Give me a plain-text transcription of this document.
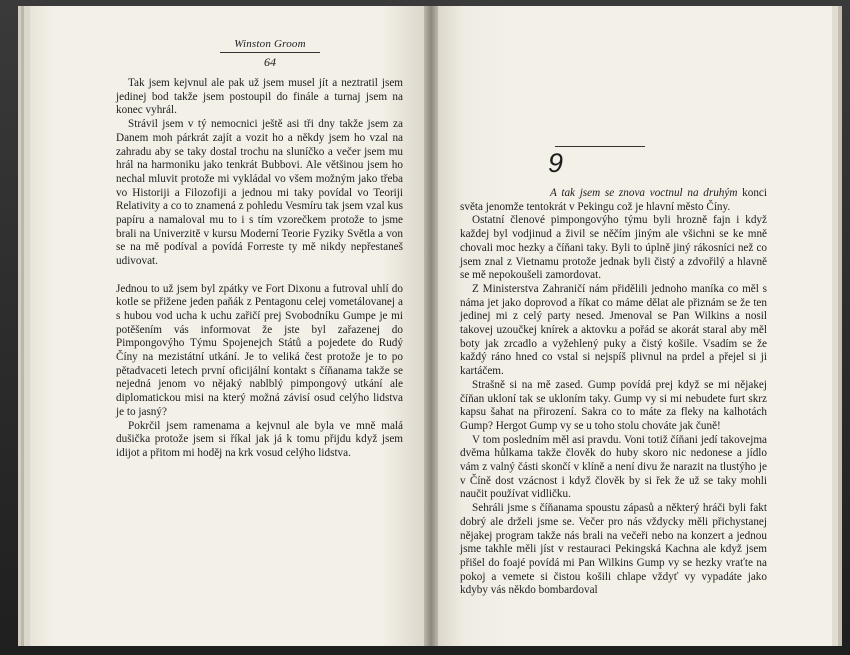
Winston Groom
64

Tak jsem kejvnul ale pak už jsem musel jít a neztratil jsem jedinej bod takže jsem postoupil do finále a turnaj jsem na konec vyhrál.

Strávil jsem v tý nemocnici ještě asi tři dny takže jsem za Danem moh párkrát zajít a vozit ho a někdy jsem ho vzal na zahradu aby se taky dostal trochu na sluníčko a večer jsem mu hrál na harmoniku jako tenkrát Bubbovi. Ale většinou jsem ho nechal mluvit protože mi vykládal vo všem možným jako třeba vo Historiji a Filozofiji a jednou mi taky povídal vo Teoriji Relativity a co to znamená z pohledu Vesmíru tak jsem vzal kus papíru a namaloval mu to i s tím vzorečkem protože to jsme brali na Univerzitě v kursu Moderní Teorie Fyziky Světla a von se na mě podíval a povídá Forreste ty mě nikdy nepřestaneš udivovat.

Jednou to už jsem byl zpátky ve Fort Dixonu a futroval uhlí do kotle se přižene jeden paňák z Pentagonu celej vometálovanej a s hubou vod ucha k uchu zařičí prej Svobodníku Gumpe je mi potěšením vás informovat že jste byl zařazenej do Pimpongovýho Týmu Spojenejch Států a pojedete do Rudý Číny na mezistátní utkání. Je to veliká čest protože je to po pětadvaceti letech první oficijální kontakt s číňanama takže se nejedná jenom vo nějaký nablblý pimpongový utkání ale diplomatickou misi na který možná závisí osud celýho lidstva je to jasný?

Pokrčil jsem ramenama a kejvnul ale byla ve mně malá dušička protože jsem si říkal jak já k tomu přijdu když jsem idijot a přitom mi hoděj na krk vosud celýho lidstva.

9

A tak jsem se znova voctnul na druhým konci světa jenomže tentokrát v Pekingu což je hlavní město Číny.

Ostatní členové pimpongovýho týmu byli hrozně fajn i když každej byl vodjinud a živil se něčím jiným ale všichni se ke mně chovali moc hezky a číňani taky. Byli to úplně jiný rákosníci než co jsem znal z Vietnamu protože jednak byli čistý a zdvořilý a hlavně se mě nepokoušeli zamordovat.

Z Ministerstva Zahraničí nám přidělili jednoho maníka co měl s náma jet jako doprovod a říkat co máme dělat ale přiznám se že ten jedinej mi z celý party nesed. Jmenoval se Pan Wilkins a nosil takovej uzoučkej knírek a aktovku a pořád se akorát staral aby měl boty jak zrcadlo a vyžehlený puky a čistý košile. Vsadím se že každý ráno hned co vstal si nejspíš plivnul na prdel a přejel si ji kartáčem.

Strašně si na mě zased. Gump povídá prej když se mi nějakej číňan ukloní tak se ukloním taky. Gump vy si mi nebudete furt skrz kapsu šahat na přirození. Sakra co to máte za fleky na kalhotách Gump? Hergot Gump vy se u toho stolu chováte jak čuně!

V tom posledním měl asi pravdu. Voni totiž číňani jedí takovejma dvěma hůlkama takže člověk do huby skoro nic nedonese a jídlo vám z valný části skončí v klíně a není divu že narazit na tlustýho je v Číně dost vzácnost i když člověk by si řek že už se taky mohli naučit používat vidličku.

Sehráli jsme s číňanama spoustu zápasů a některý hráči byli fakt dobrý ale drželi jsme se. Večer pro nás vždycky měli přichystanej nějakej program takže nás brali na večeři nebo na konzert a jednou jsme takhle měli jíst v restauraci Pekingská Kachna ale když jsem přišel do foajé povídá mi Pan Wilkins Gump vy se hezky vraťte na pokoj a vemete si čistou košili chlape vždyť vy vypadáte jako kdyby vás někdo bombardoval
